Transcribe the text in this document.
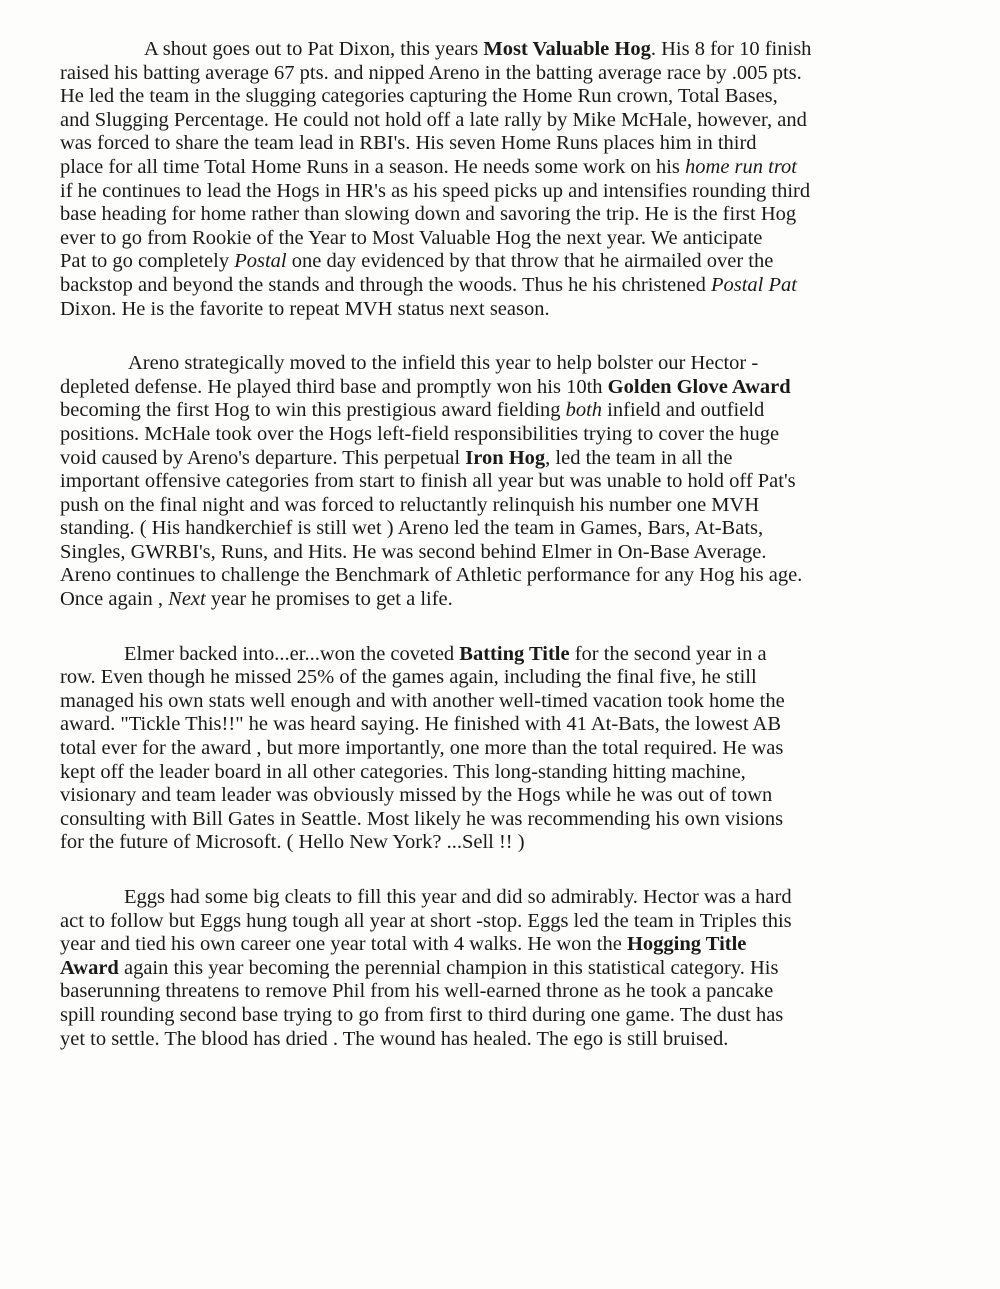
A shout goes out to Pat Dixon, this years Most Valuable Hog. His 8 for 10 finish
raised his batting average 67 pts. and nipped Areno in the batting average race by .005 pts.
He led the team in the slugging categories capturing the Home Run crown, Total Bases,
and Slugging Percentage. He could not hold off a late rally by Mike McHale, however, and
was forced to share the team lead in RBI's. His seven Home Runs places him in third
place for all time Total Home Runs in a season. He needs some work on his home run trot
if he continues to lead the Hogs in HR's as his speed picks up and intensifies rounding third
base heading for home rather than slowing down and savoring the trip. He is the first Hog
ever to go from Rookie of the Year to Most Valuable Hog the next year. We anticipate
Pat to go completely Postal one day evidenced by that throw that he airmailed over the
backstop and beyond the stands and through the woods. Thus he his christened Postal Pat
Dixon. He is the favorite to repeat MVH status next season.
Areno strategically moved to the infield this year to help bolster our Hector -
depleted defense. He played third base and promptly won his 10th Golden Glove Award
becoming the first Hog to win this prestigious award fielding both infield and outfield
positions. McHale took over the Hogs left-field responsibilities trying to cover the huge
void caused by Areno's departure. This perpetual Iron Hog, led the team in all the
important offensive categories from start to finish all year but was unable to hold off Pat's
push on the final night and was forced to reluctantly relinquish his number one MVH
standing. ( His handkerchief is still wet ) Areno led the team in Games, Bars, At-Bats,
Singles, GWRBI's, Runs, and Hits. He was second behind Elmer in On-Base Average.
Areno continues to challenge the Benchmark of Athletic performance for any Hog his age.
Once again , Next year he promises to get a life.
Elmer backed into...er...won the coveted Batting Title for the second year in a
row. Even though he missed 25% of the games again, including the final five, he still
managed his own stats well enough and with another well-timed vacation took home the
award. "Tickle This!!" he was heard saying. He finished with 41 At-Bats, the lowest AB
total ever for the award , but more importantly, one more than the total required. He was
kept off the leader board in all other categories. This long-standing hitting machine,
visionary and team leader was obviously missed by the Hogs while he was out of town
consulting with Bill Gates in Seattle. Most likely he was recommending his own visions
for the future of Microsoft. ( Hello New York? ...Sell !! )
Eggs had some big cleats to fill this year and did so admirably. Hector was a hard
act to follow but Eggs hung tough all year at short -stop. Eggs led the team in Triples this
year and tied his own career one year total with 4 walks. He won the Hogging Title
Award again this year becoming the perennial champion in this statistical category. His
baserunning threatens to remove Phil from his well-earned throne as he took a pancake
spill rounding second base trying to go from first to third during one game. The dust has
yet to settle. The blood has dried . The wound has healed. The ego is still bruised.
